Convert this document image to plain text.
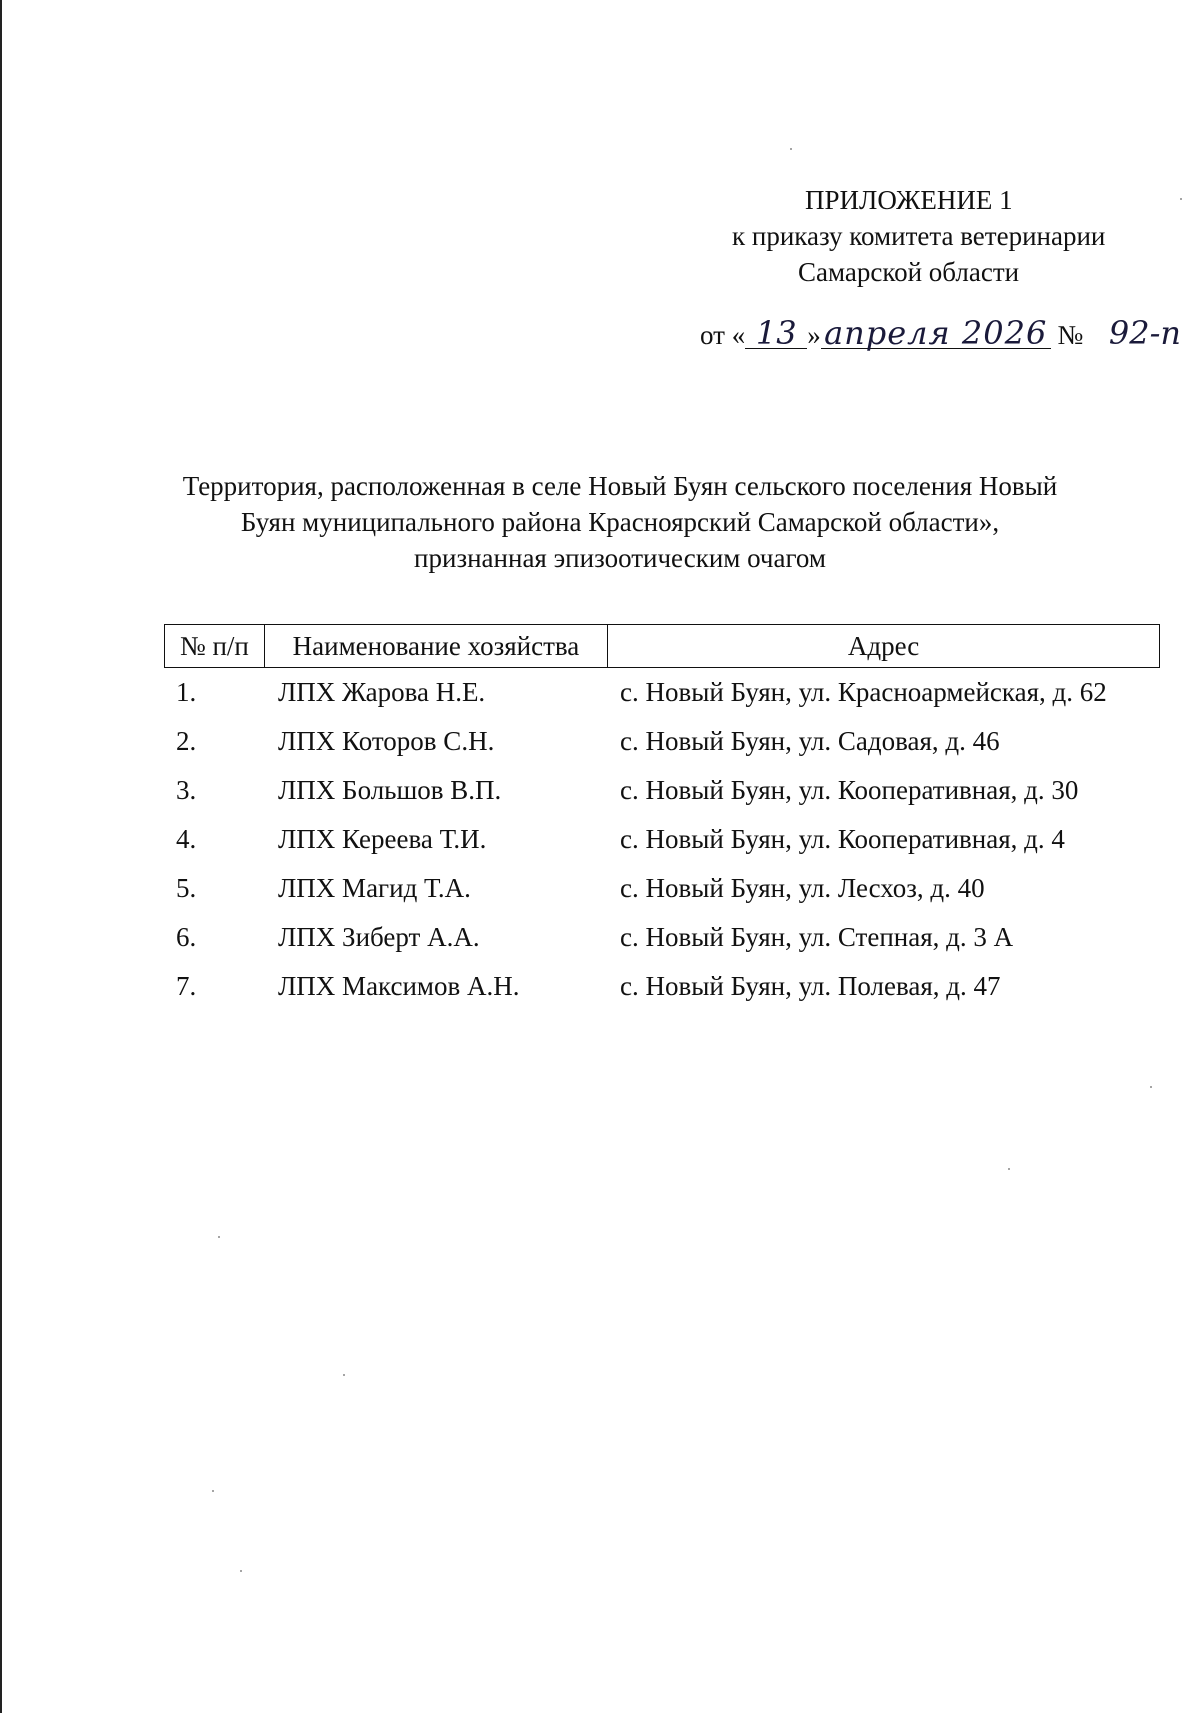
ПРИЛОЖЕНИЕ 1
к приказу комитета ветеринарии
Самарской области
от « 13 » апреля 2026 № 92-п
Территория, расположенная в селе Новый Буян сельского поселения Новый
Буян муниципального района Красноярский Самарской области»,
признанная эпизоотическим очагом
№ п/п	Наименование хозяйства	Адрес
1.	ЛПХ Жарова Н.Е.	с. Новый Буян, ул. Красноармейская, д. 62
2.	ЛПХ Которов С.Н.	с. Новый Буян, ул. Садовая, д. 46
3.	ЛПХ Большов В.П.	с. Новый Буян, ул. Кооперативная, д. 30
4.	ЛПХ Кереева Т.И.	с. Новый Буян, ул. Кооперативная, д. 4
5.	ЛПХ Магид Т.А.	с. Новый Буян, ул. Лесхоз, д. 40
6.	ЛПХ Зиберт А.А.	с. Новый Буян, ул. Степная, д. 3 А
7.	ЛПХ Максимов А.Н.	с. Новый Буян, ул. Полевая, д. 47
